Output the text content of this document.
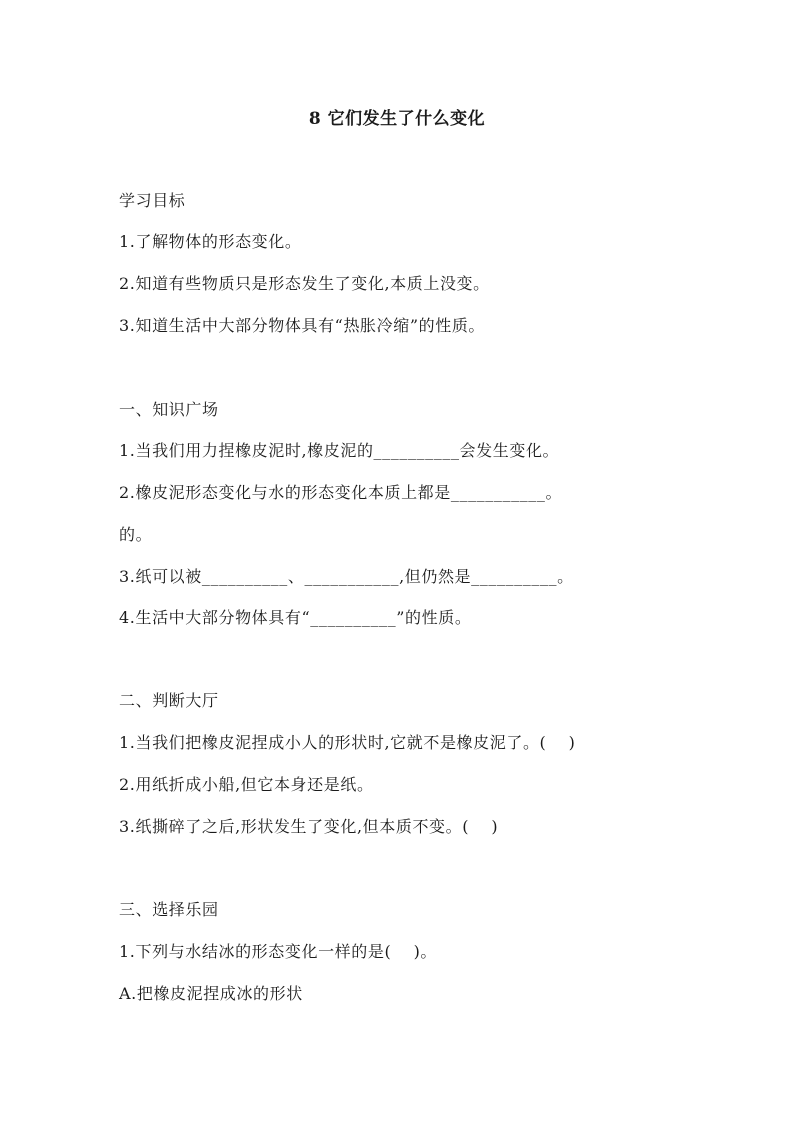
8 它们发生了什么变化
学习目标
1.了解物体的形态变化。
2.知道有些物质只是形态发生了变化,本质上没变。
3.知道生活中大部分物体具有“热胀冷缩”的性质。
一、知识广场
1.当我们用力捏橡皮泥时,橡皮泥的__________会发生变化。
2.橡皮泥形态变化与水的形态变化本质上都是___________。
的。
3.纸可以被__________、___________,但仍然是__________。
4.生活中大部分物体具有“__________”的性质。
二、判断大厅
1.当我们把橡皮泥捏成小人的形状时,它就不是橡皮泥了。(　 )
2.用纸折成小船,但它本身还是纸。
3.纸撕碎了之后,形状发生了变化,但本质不变。(　 )
三、选择乐园
1.下列与水结冰的形态变化一样的是(　 )。
A.把橡皮泥捏成冰的形状
